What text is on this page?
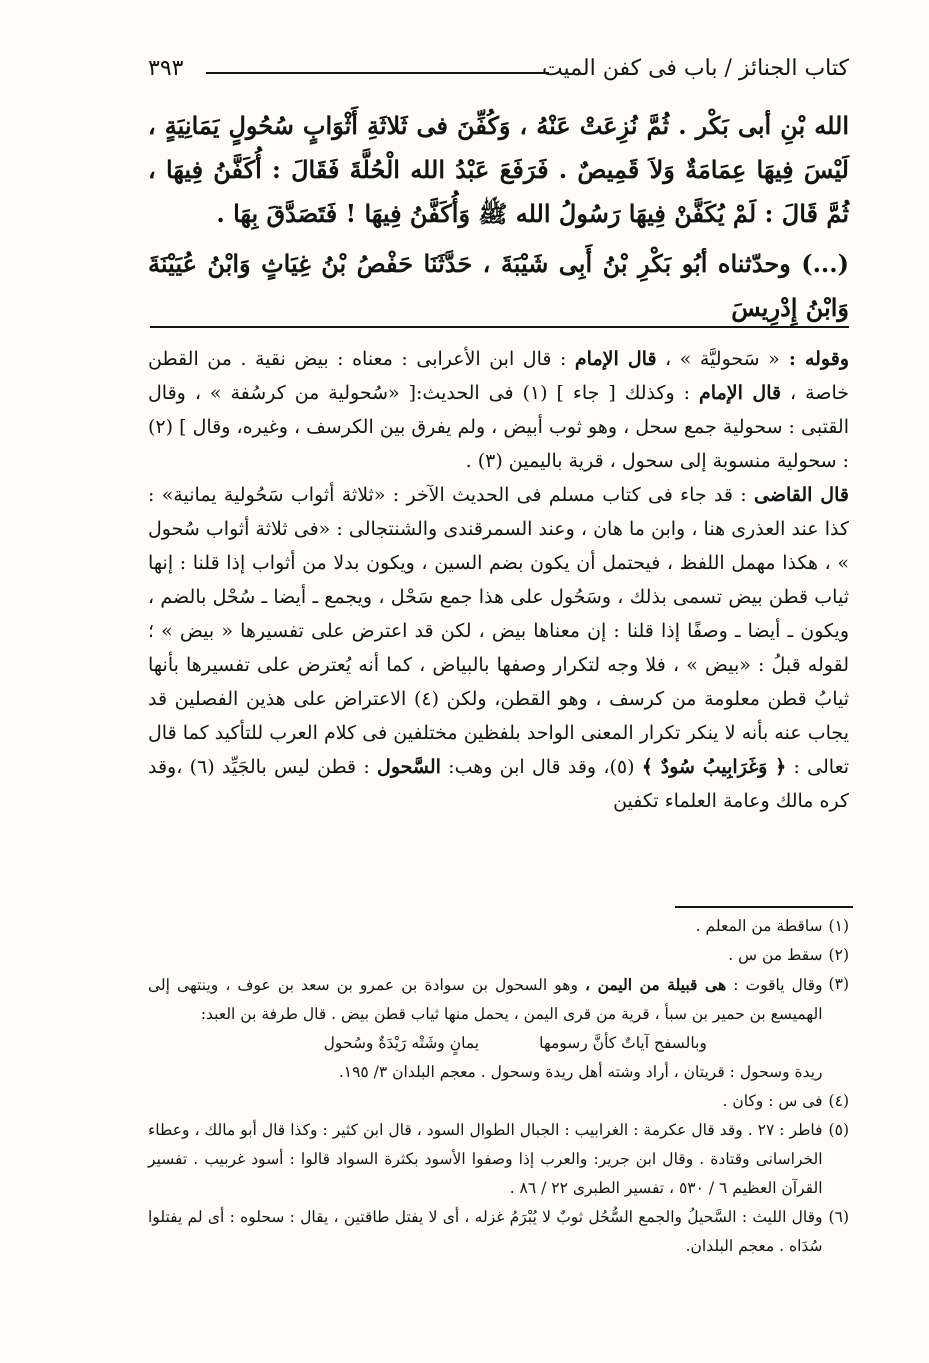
كتاب الجنائز / باب فى كفن الميت
٣٩٣

الله بْنِ أبى بَكْر . ثُمَّ نُزِعَتْ عَنْهُ ، وَكُفِّنَ فى ثَلاثَةِ أَثْوَابٍ سُحُولٍ يَمَانِيَةٍ ، لَيْسَ فِيهَا عِمَامَةٌ وَلاَ قَمِيصٌ . فَرَفَعَ عَبْدُ الله الْحُلَّةَ فَقَالَ : أُكَفَّنُ فِيهَا ، ثُمَّ قَالَ : لَمْ يُكَفَّنْ فِيهَا رَسُولُ الله ﷺ وَأُكَفَّنُ فِيهَا ! فَتَصَدَّقَ بِهَا .

(...) وحدّثناه أبُو بَكْرِ بْنُ أَبِى شَيْبَةَ ، حَدَّثَنَا حَفْصُ بْنُ غِيَاثٍ وَابْنُ عُيَيْنَةَ وَابْنُ إِدْرِيسَ

وقوله : « سَحوليَّة » ، قال الإمام : قال ابن الأعرابى : معناه : بيض نقية . من القطن خاصة ، قال الإمام : وكذلك [ جاء ] (١) فى الحديث:[ «سُحولية من كرسُفة » ، وقال القتبى : سحولية جمع سحل ، وهو ثوب أبيض ، ولم يفرق بين الكرسف ، وغيره، وقال ] (٢) : سحولية منسوبة إلى سحول ، قرية باليمين (٣) .

قال القاضى : قد جاء فى كتاب مسلم فى الحديث الآخر : «ثلاثة أثواب سَحُولية يمانية» : كذا عند العذرى هنا ، وابن ما هان ، وعند السمرقندى والشنتجالى : «فى ثلاثة أثواب سُحول » ، هكذا مهمل اللفظ ، فيحتمل أن يكون بضم السين ، ويكون بدلا من أثواب إذا قلنا : إنها ثياب قطن بيض تسمى بذلك ، وسَحُول على هذا جمع سَحْل ، ويجمع ـ أيضا ـ سُحْل بالضم ، ويكون ـ أيضا ـ وصفًا إذا قلنا : إن معناها بيض ، لكن قد اعترض على تفسيرها « بيض » ؛ لقوله قبلُ : «بيض » ، فلا وجه لتكرار وصفها بالبياض ، كما أنه يُعترض على تفسيرها بأنها ثيابُ قطن معلومة من كرسف ، وهو القطن، ولكن (٤) الاعتراض على هذين الفصلين قد يجاب عنه بأنه لا ينكر تكرار المعنى الواحد بلفظين مختلفين فى كلام العرب للتأكيد كما قال تعالى : ﴿ وَغَرَابِيبُ سُودٌ ﴾ (٥)، وقد قال ابن وهب: السَّحول : قطن ليس بالجَيِّد (٦) ،وقد كره مالك وعامة العلماء تكفين

(١)
ساقطة من المعلم .
(٢)
سقط من س .
(٣)
وقال ياقوت : هى قبيلة من اليمن ، وهو السحول بن سوادة بن عمرو بن سعد بن عوف ، وينتهى إلى الهميسع بن حمير بن سبأ ، قرية من قرى اليمن ، يحمل منها ثياب قطن بيض . قال طرفة بن العبد:
وبالسفح آياتٌ كأنَّ رسومها
يمانٍ وشَتْه رَيْدَةٌ وسُحول
ريدة وسحول : قريتان ، أراد وشته أهل ريدة وسحول . معجم البلدان ٣/ ١٩٥.
(٤)
فى س : وكان .
(٥)
فاطر : ٢٧ . وقد قال عكرمة : الغرابيب : الجبال الطوال السود ، قال ابن كثير : وكذا قال أبو مالك ، وعطاء الخراسانى وقتادة . وقال ابن جرير: والعرب إذا وصفوا الأسود بكثرة السواد قالوا : أسود غربيب . تفسير القرآن العظيم ٦ / ٥٣٠ ، تفسير الطبرى ٢٢ / ٨٦ .
(٦)
وقال الليث : السَّحيلُ والجمع السُّحُل ثوبٌ لا يُبْرَمُ غزله ، أى لا يفتل طاقتين ، يقال : سحلوه : أى لم يفتلوا سُدَاه . معجم البلدان.
